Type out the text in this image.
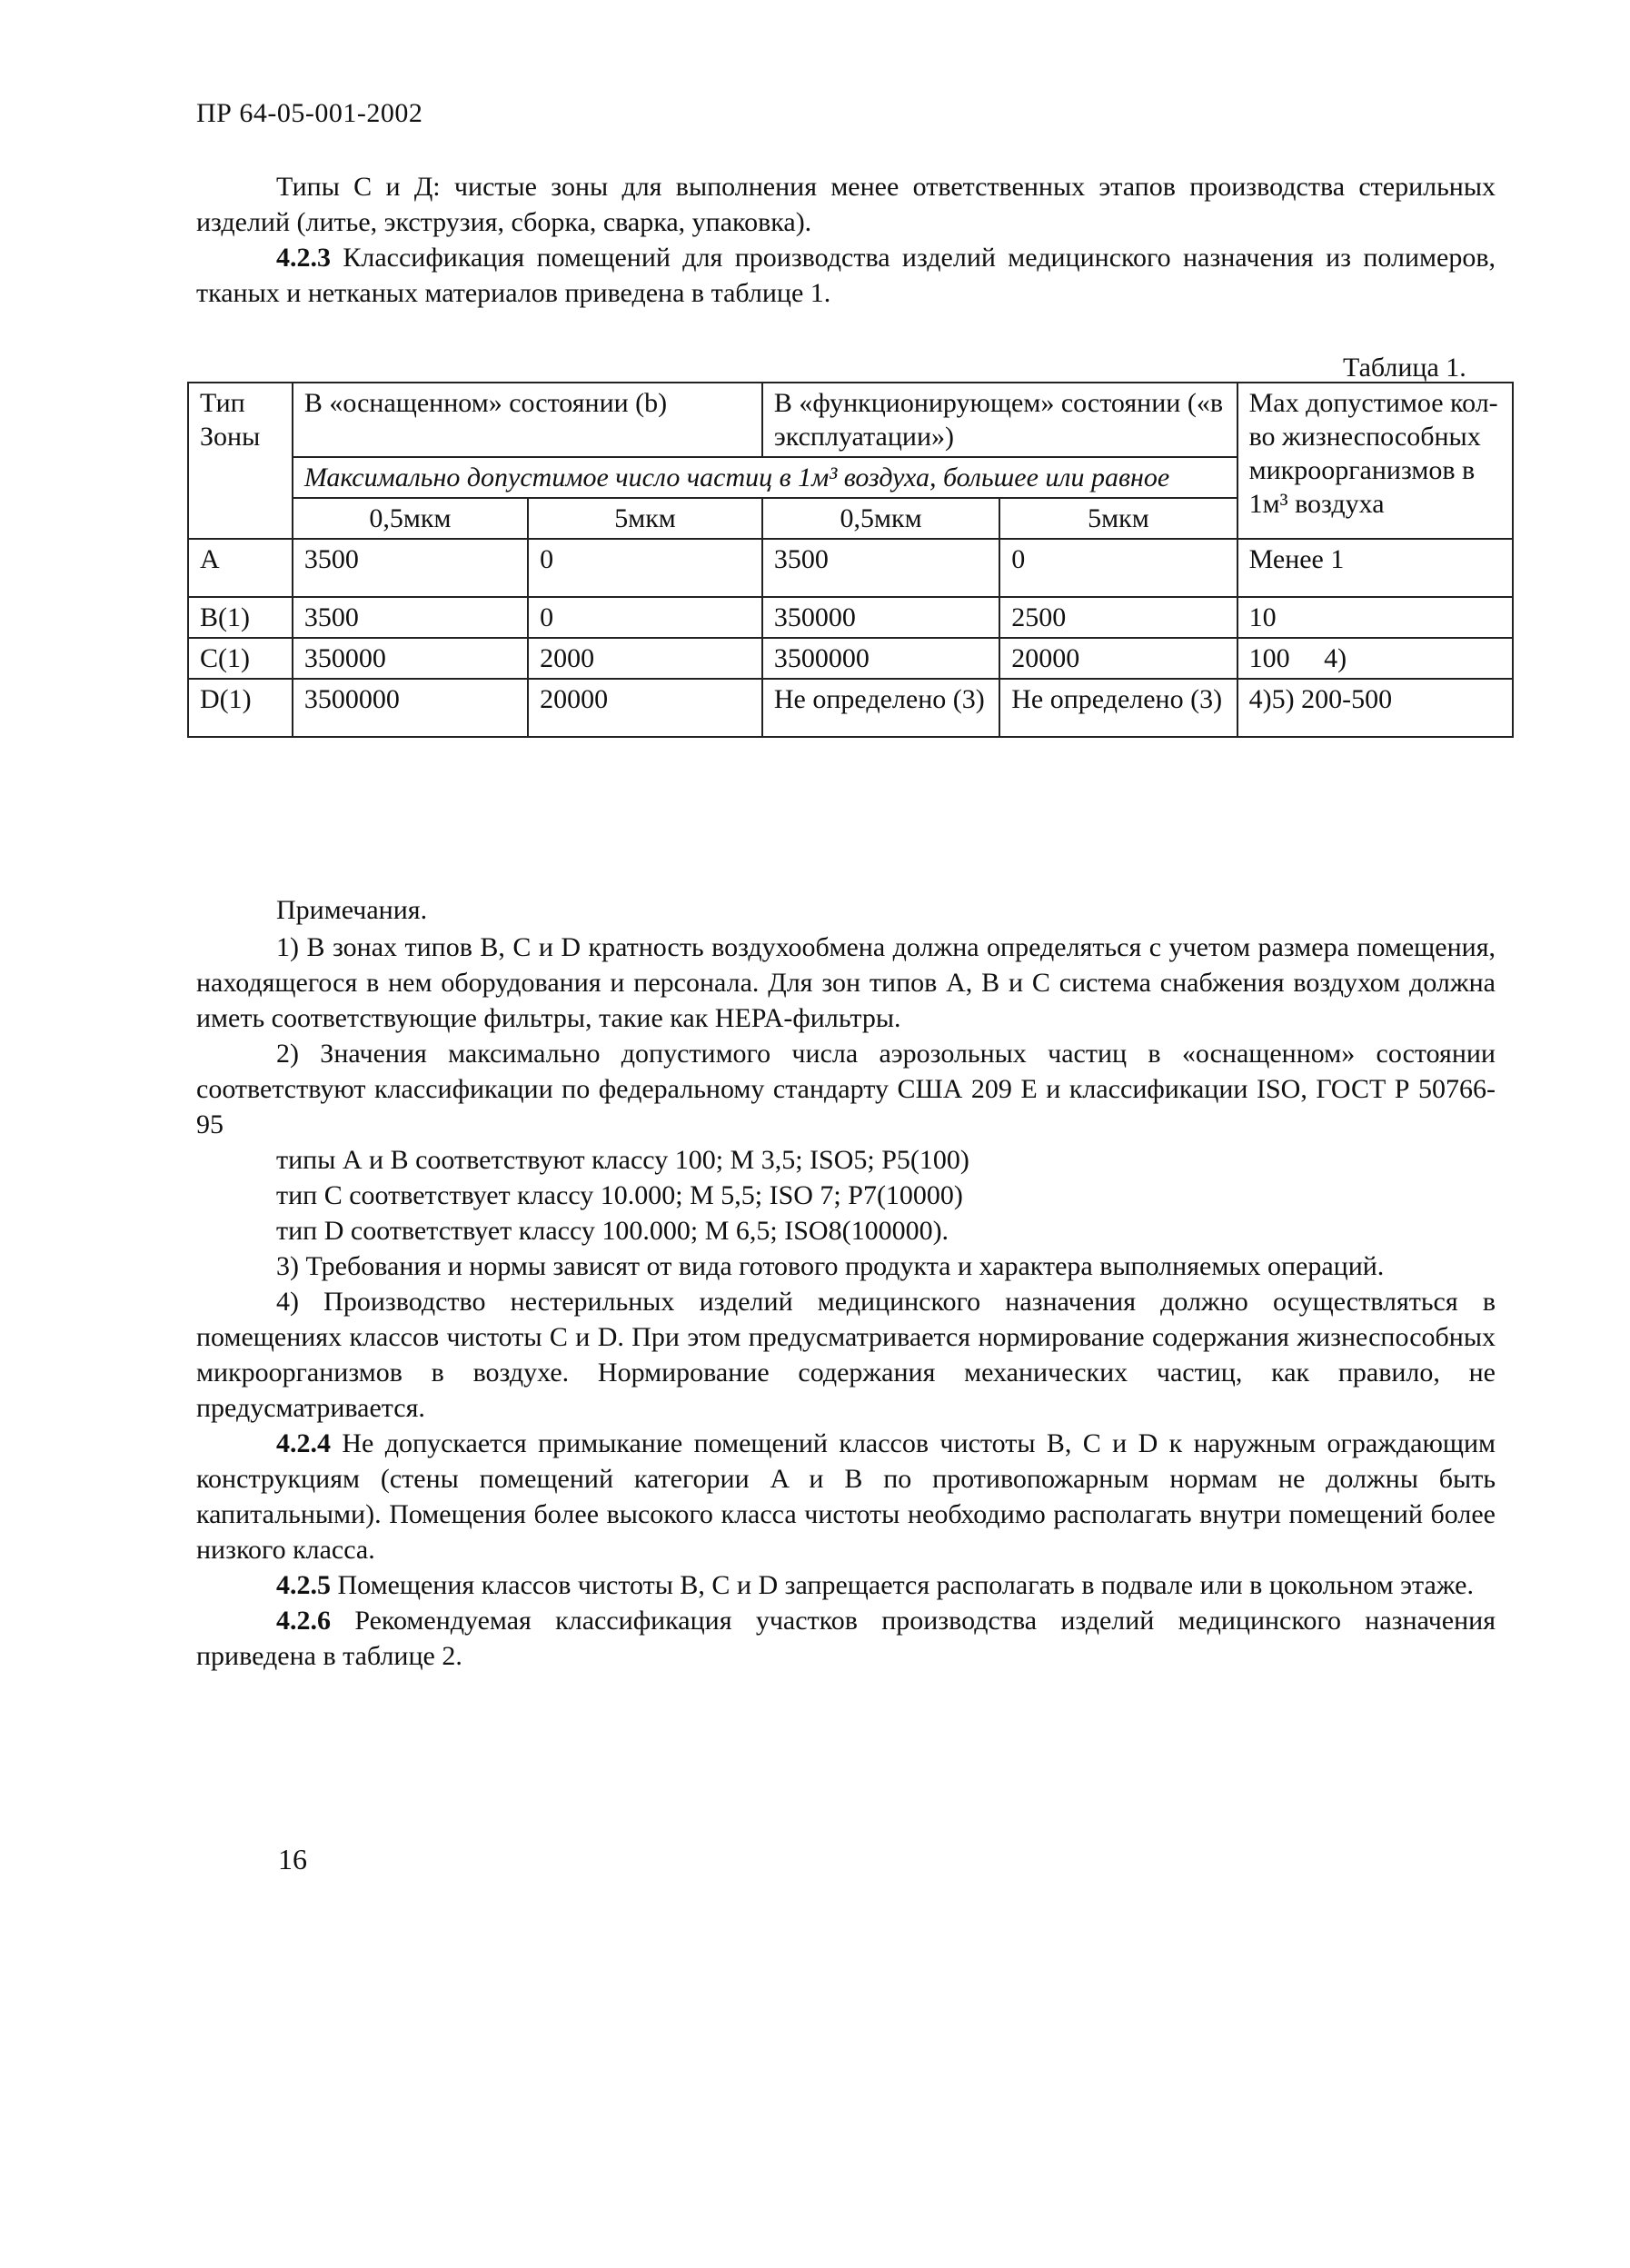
ПР 64-05-001-2002

Типы С и Д: чистые зоны для выполнения менее ответственных этапов производства стерильных изделий (литье, экструзия, сборка, сварка, упаковка).

4.2.3 Классификация помещений для производства изделий медицинского назначения из полимеров, тканых и нетканых материалов приведена в таблице 1.

Таблица 1.
Тип Зоны	В «оснащенном» состоянии (b)		В «функционирующем» состоянии («в эксплуатации»)		Max допустимое кол-во жизнеспособных микроорганизмов в 1м³ воздуха
	Максимально допустимое число частиц в 1м³ воздуха, большее или равное				
	0,5мкм	5мкм	0,5мкм	5мкм	
А	3500	0	3500	0	Менее 1
B(1)	3500	0	350000	2500	10
C(1)	350000	2000	3500000	20000	100     4)
D(1)	3500000	20000	Не определено (3)	Не определено (3)	4)5) 200-500

Примечания.

1) В зонах типов B, C и D кратность воздухообмена должна определяться с учетом размера помещения, находящегося в нем оборудования и персонала. Для зон типов A, B и C система снабжения воздухом должна иметь соответствующие фильтры, такие как HEPA-фильтры.

2) Значения максимально допустимого числа аэрозольных частиц в «оснащенном» состоянии соответствуют классификации по федеральному стандарту США 209 E и классификации ISO, ГОСТ Р 50766-95

типы А и В соответствуют классу 100; М 3,5; ISO5; Р5(100)

тип С соответствует классу 10.000; М 5,5; ISO 7; Р7(10000)

тип D соответствует классу 100.000; М 6,5; ISO8(100000).

3) Требования и нормы зависят от вида готового продукта и характера выполняемых операций.

4) Производство нестерильных изделий медицинского назначения должно осуществляться в помещениях классов чистоты С и D. При этом предусматривается нормирование содержания жизнеспособных микроорганизмов в воздухе. Нормирование содержания механических частиц, как правило, не предусматривается.

4.2.4 Не допускается примыкание помещений классов чистоты B, C и D к наружным ограждающим конструкциям (стены помещений категории A и B по противопожарным нормам не должны быть капитальными). Помещения более высокого класса чистоты необходимо располагать внутри помещений более низкого класса.

4.2.5 Помещения классов чистоты B, C и D запрещается располагать в подвале или в цокольном этаже.

4.2.6 Рекомендуемая классификация участков производства изделий медицинского назначения приведена в таблице 2.

16
